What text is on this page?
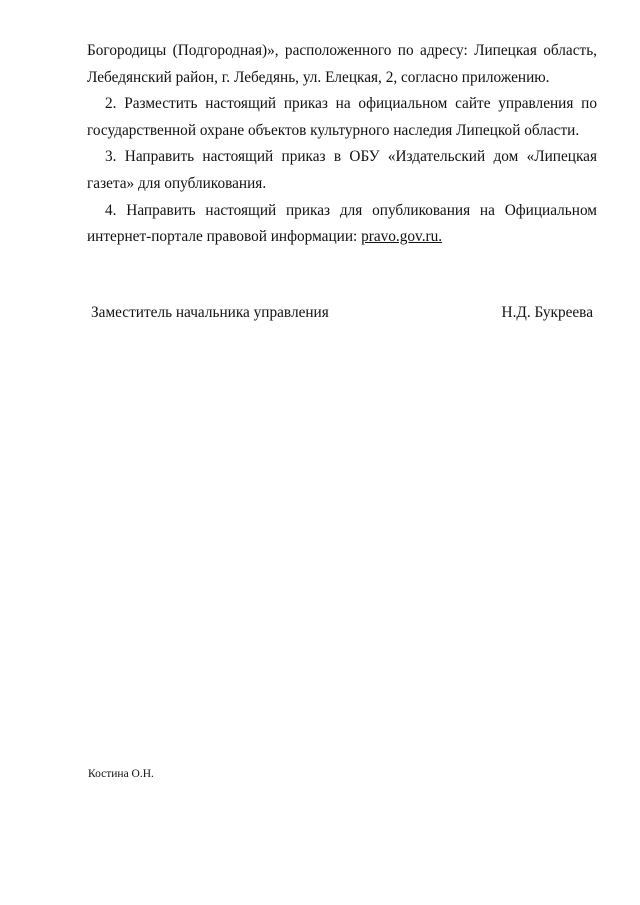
Богородицы (Подгородная)», расположенного по адресу: Липецкая область,
Лебедянский район, г. Лебедянь, ул. Елецкая, 2, согласно приложению.
2. Разместить настоящий приказ на официальном сайте управления по
государственной охране объектов культурного наследия Липецкой области.
3. Направить настоящий приказ в ОБУ «Издательский дом «Липецкая
газета» для опубликования.
4. Направить настоящий приказ для опубликования на Официальном
интернет-портале правовой информации: pravo.gov.ru.
Заместитель начальника управления	Н.Д. Букреева
Костина О.Н.
